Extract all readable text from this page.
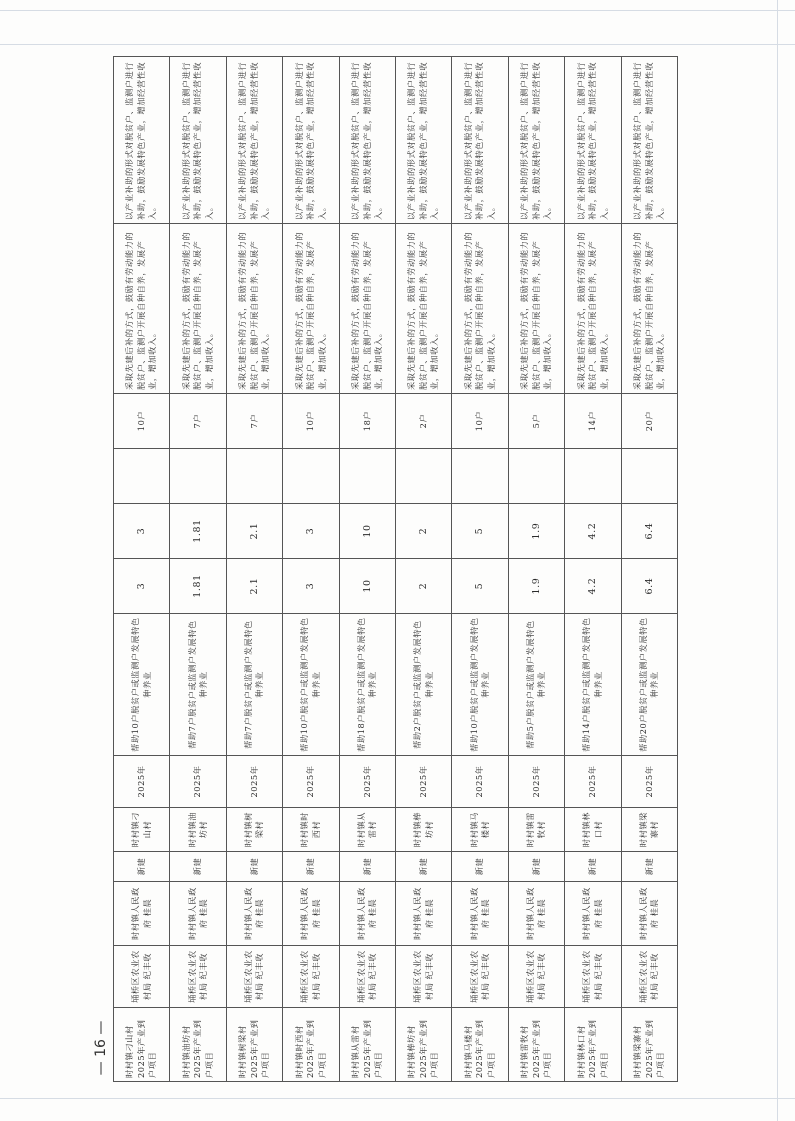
时村镇刁山村2025年产业到户项目	埇桥区农业农村局 纪丰收	时村镇人民政府 桂晨	新建	时村镇刁山村	2025年	帮助10户脱贫户或监测户发展特色种养业	3	3		10户	采取先建后补的方式，鼓励有劳动能力的脱贫户、监测户开展自种自养，发展产业，增加收入。	以产业补助的形式对脱贫户、监测户进行补助，鼓励发展特色产业，增加经营性收入。
时村镇油坊村2025年产业到户项目	埇桥区农业农村局 纪丰收	时村镇人民政府 桂晨	新建	时村镇油坊村	2025年	帮助7户脱贫户或监测户发展特色种养业	1.81	1.81		7户	采取先建后补的方式，鼓励有劳动能力的脱贫户、监测户开展自种自养，发展产业，增加收入。	以产业补助的形式对脱贫户、监测户进行补助，鼓励发展特色产业，增加经营性收入。
时村镇树梁村2025年产业到户项目	埇桥区农业农村局 纪丰收	时村镇人民政府 桂晨	新建	时村镇树梁村	2025年	帮助7户脱贫户或监测户发展特色种养业	2.1	2.1		7户	采取先建后补的方式，鼓励有劳动能力的脱贫户、监测户开展自种自养，发展产业，增加收入。	以产业补助的形式对脱贫户、监测户进行补助，鼓励发展特色产业，增加经营性收入。
时村镇时西村2025年产业到户项目	埇桥区农业农村局 纪丰收	时村镇人民政府 桂晨	新建	时村镇时西村	2025年	帮助10户脱贫户或监测户发展特色种养业	3	3		10户	采取先建后补的方式，鼓励有劳动能力的脱贫户、监测户开展自种自养，发展产业，增加收入。	以产业补助的形式对脱贫户、监测户进行补助，鼓励发展特色产业，增加经营性收入。
时村镇从雷村2025年产业到户项目	埇桥区农业农村局 纪丰收	时村镇人民政府 桂晨	新建	时村镇从雷村	2025年	帮助18户脱贫户或监测户发展特色种养业	10	10		18户	采取先建后补的方式，鼓励有劳动能力的脱贫户、监测户开展自种自养，发展产业，增加收入。	以产业补助的形式对脱贫户、监测户进行补助，鼓励发展特色产业，增加经营性收入。
时村镇棒坊村2025年产业到户项目	埇桥区农业农村局 纪丰收	时村镇人民政府 桂晨	新建	时村镇棒坊村	2025年	帮助2户脱贫户或监测户发展特色种养业	2	2		2户	采取先建后补的方式，鼓励有劳动能力的脱贫户、监测户开展自种自养，发展产业，增加收入。	以产业补助的形式对脱贫户、监测户进行补助，鼓励发展特色产业，增加经营性收入。
时村镇马楼村2025年产业到户项目	埇桥区农业农村局 纪丰收	时村镇人民政府 桂晨	新建	时村镇马楼村	2025年	帮助10户脱贫户或监测户发展特色种养业	5	5		10户	采取先建后补的方式，鼓励有劳动能力的脱贫户、监测户开展自种自养，发展产业，增加收入。	以产业补助的形式对脱贫户、监测户进行补助，鼓励发展特色产业，增加经营性收入。
时村镇雷牧村2025年产业到户项目	埇桥区农业农村局 纪丰收	时村镇人民政府 桂晨	新建	时村镇雷牧村	2025年	帮助5户脱贫户或监测户发展特色种养业	1.9	1.9		5户	采取先建后补的方式，鼓励有劳动能力的脱贫户、监测户开展自种自养，发展产业，增加收入。	以产业补助的形式对脱贫户、监测户进行补助，鼓励发展特色产业，增加经营性收入。
时村镇林口村2025年产业到户项目	埇桥区农业农村局 纪丰收	时村镇人民政府 桂晨	新建	时村镇林口村	2025年	帮助14户脱贫户或监测户发展特色种养业	4.2	4.2		14户	采取先建后补的方式，鼓励有劳动能力的脱贫户、监测户开展自种自养，发展产业，增加收入。	以产业补助的形式对脱贫户、监测户进行补助，鼓励发展特色产业，增加经营性收入。
时村镇梁寨村2025年产业到户项目	埇桥区农业农村局 纪丰收	时村镇人民政府 桂晨	新建	时村镇梁寨村	2025年	帮助20户脱贫户或监测户发展特色种养业	6.4	6.4		20户	采取先建后补的方式，鼓励有劳动能力的脱贫户、监测户开展自种自养，发展产业，增加收入。	以产业补助的形式对脱贫户、监测户进行补助，鼓励发展特色产业，增加经营性收入。
— 16 —
